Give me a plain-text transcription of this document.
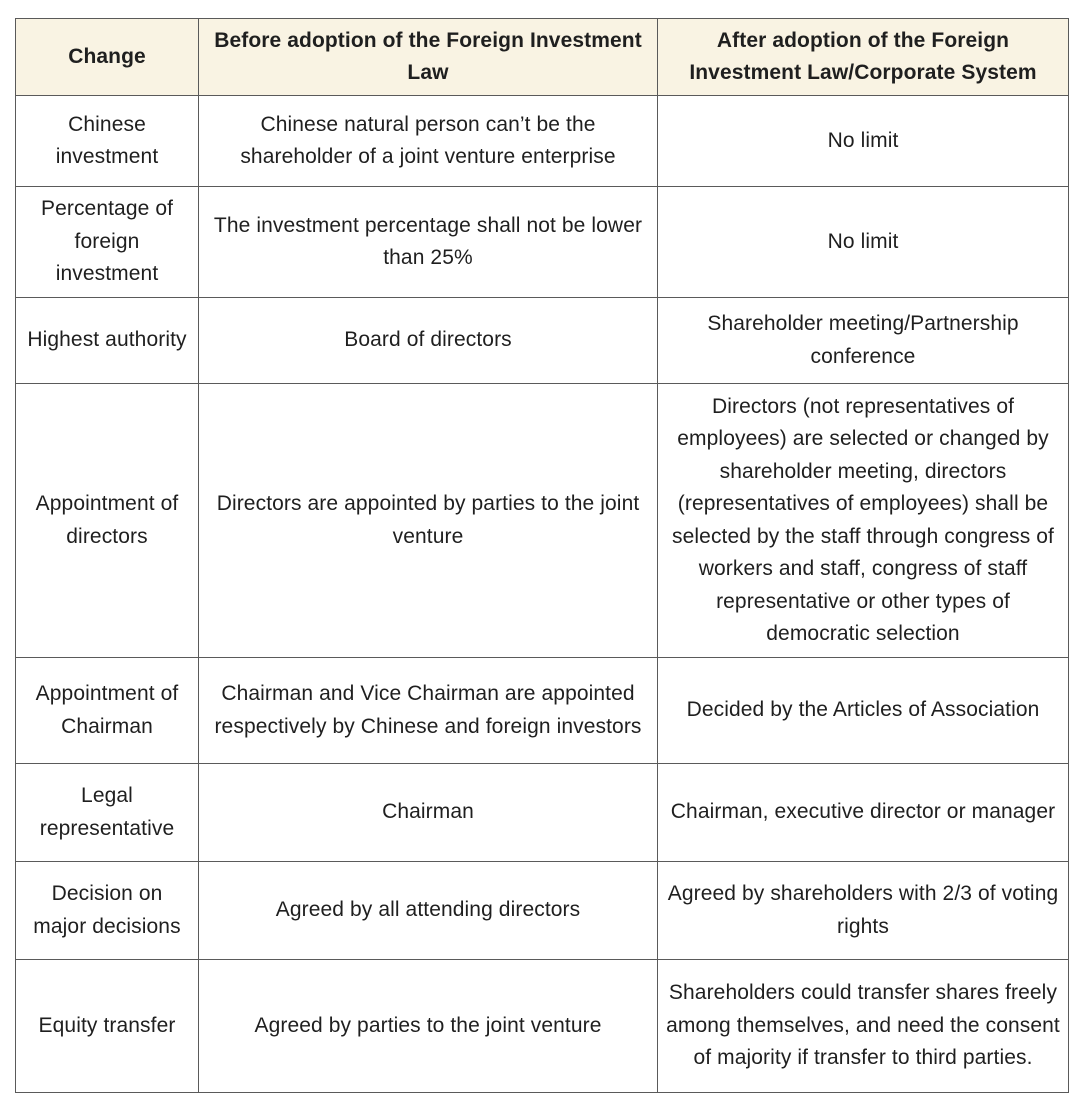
Change	Before adoption of the Foreign Investment Law	After adoption of the Foreign Investment Law/Corporate System
Chinese investment	Chinese natural person can’t be the shareholder of a joint venture enterprise	No limit
Percentage of foreign investment	The investment percentage shall not be lower than 25%	No limit
Highest authority	Board of directors	Shareholder meeting/Partnership conference
Appointment of directors	Directors are appointed by parties to the joint venture	Directors (not representatives of employees) are selected or changed by shareholder meeting, directors (representatives of employees) shall be selected by the staff through congress of workers and staff, congress of staff representative or other types of democratic selection
Appointment of Chairman	Chairman and Vice Chairman are appointed respectively by Chinese and foreign investors	Decided by the Articles of Association
Legal representative	Chairman	Chairman, executive director or manager
Decision on major decisions	Agreed by all attending directors	Agreed by shareholders with 2/3 of voting rights
Equity transfer	Agreed by parties to the joint venture	Shareholders could transfer shares freely among themselves, and need the consent of majority if transfer to third parties.
